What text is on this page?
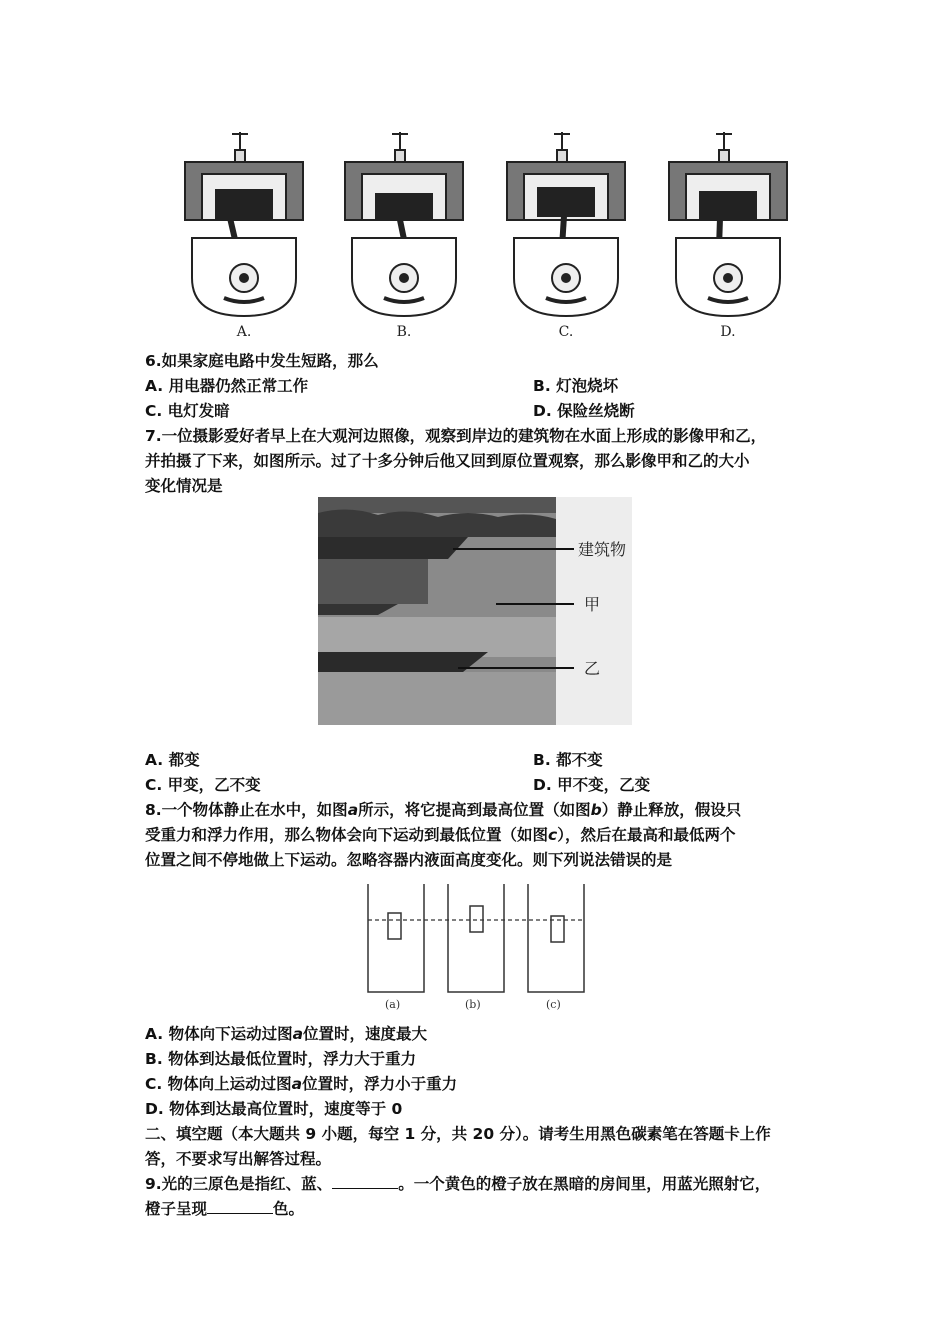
A.	B.	C.	D.
6.如果家庭电路中发生短路，那么
A. 用电器仍然正常工作	B. 灯泡烧坏
C. 电灯发暗	D. 保险丝烧断
7.一位摄影爱好者早上在大观河边照像，观察到岸边的建筑物在水面上形成的影像甲和乙，
并拍摄了下来，如图所示。过了十多分钟后他又回到原位置观察，那么影像甲和乙的大小
变化情况是
建筑物
甲
乙
A. 都变	B. 都不变
C. 甲变，乙不变	D. 甲不变，乙变
8.一个物体静止在水中，如图a所示，将它提高到最高位置（如图b）静止释放，假设只
受重力和浮力作用，那么物体会向下运动到最低位置（如图c），然后在最高和最低两个
位置之间不停地做上下运动。忽略容器内液面高度变化。则下列说法错误的是
(a)	(b)	(c)
A. 物体向下运动过图a位置时，速度最大
B. 物体到达最低位置时，浮力大于重力
C. 物体向上运动过图a位置时，浮力小于重力
D. 物体到达最高位置时，速度等于 0
二、填空题（本大题共 9 小题，每空 1 分，共 20 分）。请考生用黑色碳素笔在答题卡上作
答，不要求写出解答过程。
9.光的三原色是指红、蓝、	。一个黄色的橙子放在黑暗的房间里，用蓝光照射它，
橙子呈现	色。
